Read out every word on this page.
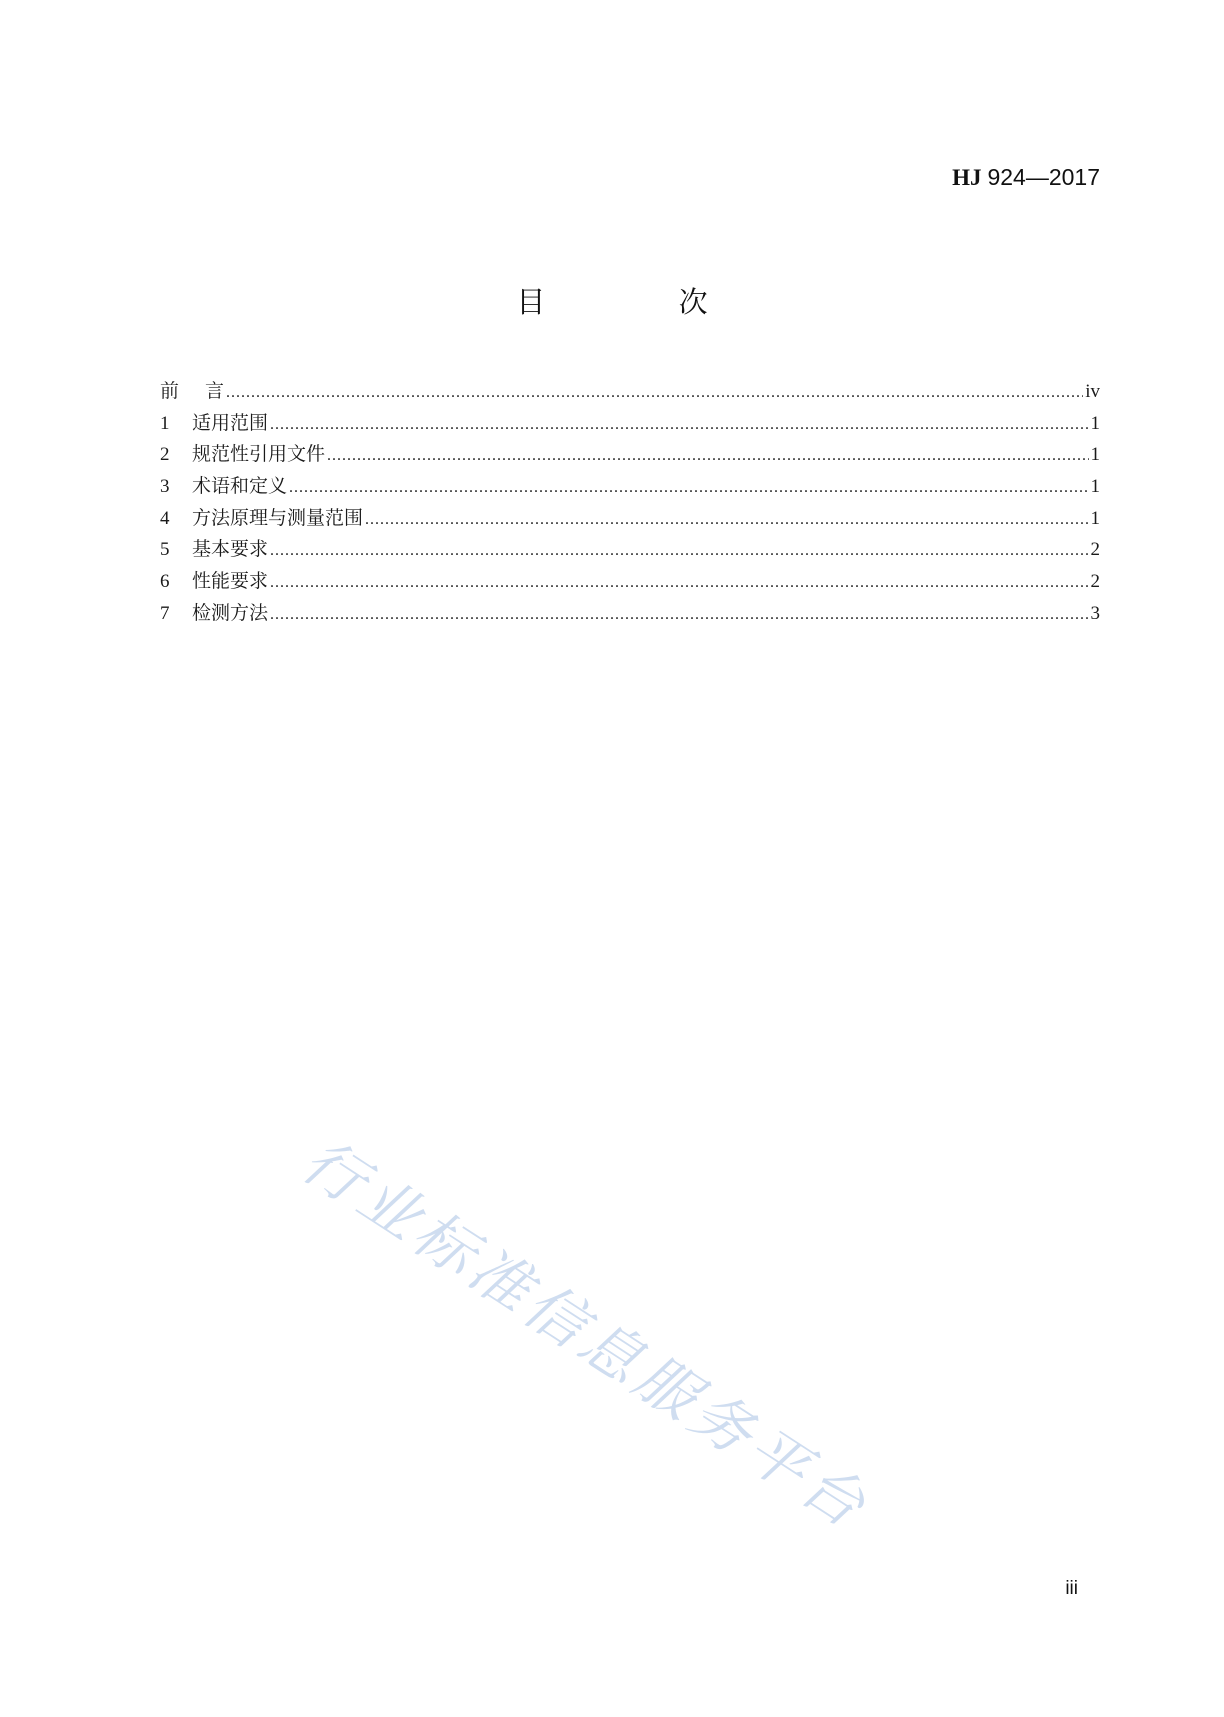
HJ 924—2017
目 次
前言 .....	iv
1	适用范围 .....	1
2	规范性引用文件 .....	1
3	术语和定义 .....	1
4	方法原理与测量范围 .....	1
5	基本要求 .....	2
6	性能要求 .....	2
7	检测方法 .....	3
行业标准信息服务平台
iii
